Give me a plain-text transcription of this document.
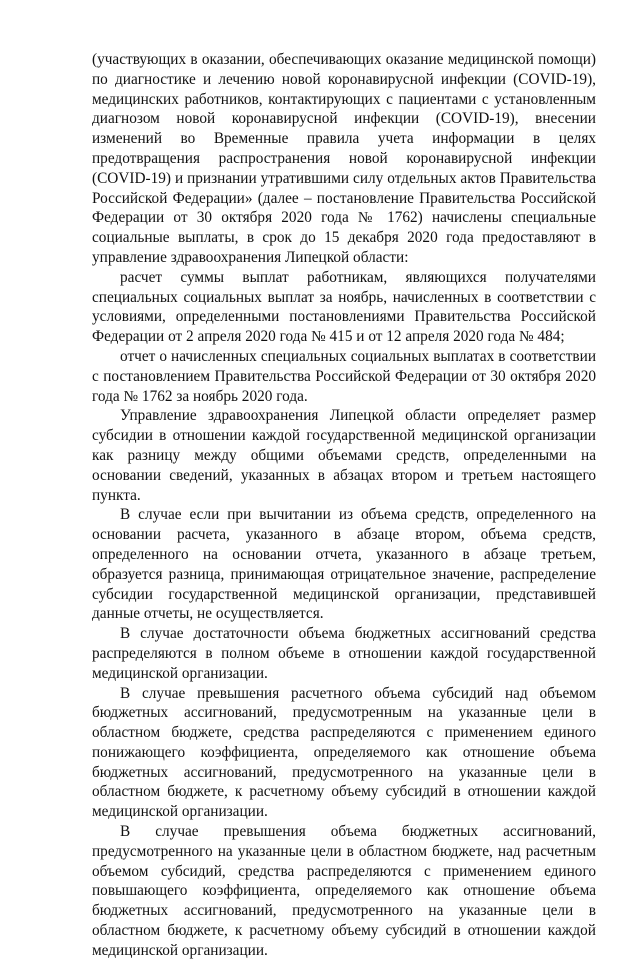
(участвующих в оказании, обеспечивающих оказание медицинской помощи) по диагностике и лечению новой коронавирусной инфекции (COVID-19), медицинских работников, контактирующих с пациентами с установленным диагнозом новой коронавирусной инфекции (COVID-19), внесении изменений во Временные правила учета информации в целях предотвращения распространения новой коронавирусной инфекции (COVID-19) и признании утратившими силу отдельных актов Правительства Российской Федерации» (далее – постановление Правительства Российской Федерации от 30 октября 2020 года № 1762) начислены специальные социальные выплаты, в срок до 15 декабря 2020 года предоставляют в управление здравоохранения Липецкой области:

расчет суммы выплат работникам, являющихся получателями специальных социальных выплат за ноябрь, начисленных в соответствии с условиями, определенными постановлениями Правительства Российской Федерации от 2 апреля 2020 года № 415 и от 12 апреля 2020 года № 484;

отчет о начисленных специальных социальных выплатах в соответствии с постановлением Правительства Российской Федерации от 30 октября 2020 года № 1762 за ноябрь 2020 года.

Управление здравоохранения Липецкой области определяет размер субсидии в отношении каждой государственной медицинской организации как разницу между общими объемами средств, определенными на основании сведений, указанных в абзацах втором и третьем настоящего пункта.

В случае если при вычитании из объема средств, определенного на основании расчета, указанного в абзаце втором, объема средств, определенного на основании отчета, указанного в абзаце третьем, образуется разница, принимающая отрицательное значение, распределение субсидии государственной медицинской организации, представившей данные отчеты, не осуществляется.

В случае достаточности объема бюджетных ассигнований средства распределяются в полном объеме в отношении каждой государственной медицинской организации.

В случае превышения расчетного объема субсидий над объемом бюджетных ассигнований, предусмотренным на указанные цели в областном бюджете, средства распределяются с применением единого понижающего коэффициента, определяемого как отношение объема бюджетных ассигнований, предусмотренного на указанные цели в областном бюджете, к расчетному объему субсидий в отношении каждой медицинской организации.

В случае превышения объема бюджетных ассигнований, предусмотренного на указанные цели в областном бюджете, над расчетным объемом субсидий, средства распределяются с применением единого повышающего коэффициента, определяемого как отношение объема бюджетных ассигнований, предусмотренного на указанные цели в областном бюджете, к расчетному объему субсидий в отношении каждой медицинской организации.
